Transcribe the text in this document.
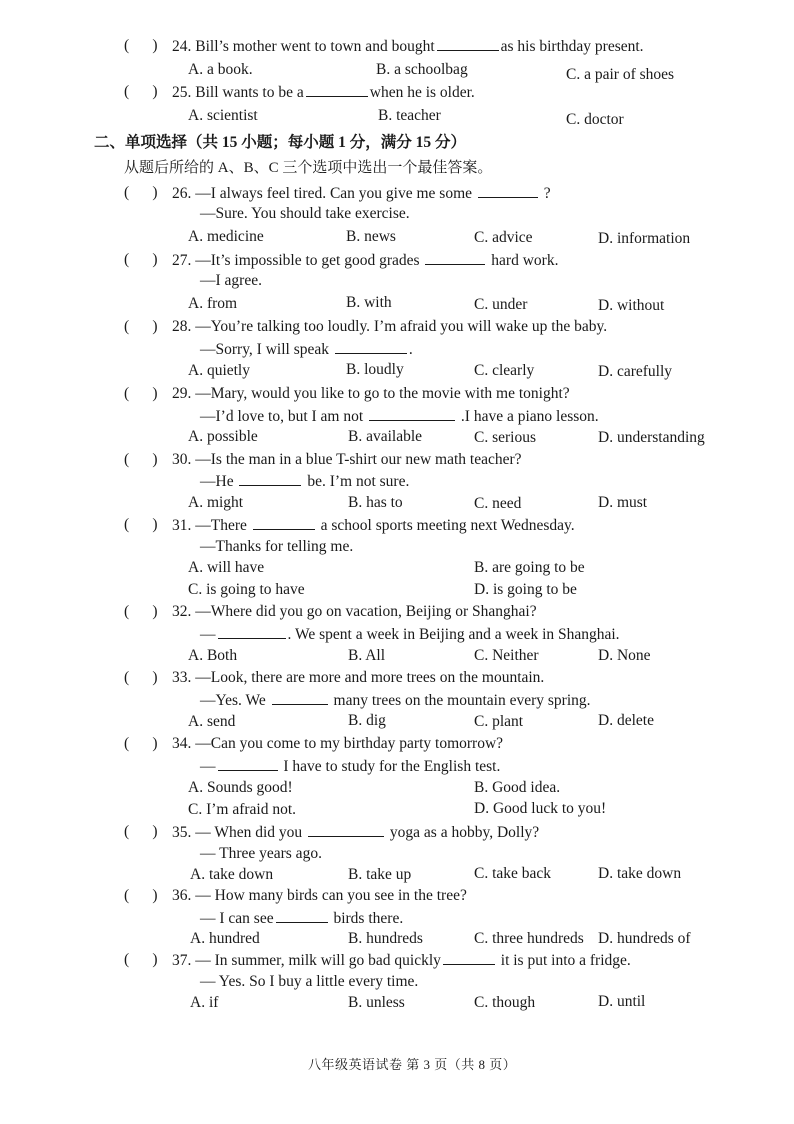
(      ) 24. Bill’s mother went to town and bought	as his birthday present.
A. a book.	B. a schoolbag	C. a pair of shoes
(      ) 25. Bill wants to be a	when he is older.
A. scientist	B. teacher	C. doctor
二、单项选择（共 15 小题；每小题 1 分，满分 15 分）
从题后所给的 A、B、C 三个选项中选出一个最佳答案。
(      ) 26. —I always feel tired. Can you give me some	?
—Sure. You should take exercise.
A. medicine	B. news	C. advice	D. information
(      ) 27. —It’s impossible to get good grades	hard work.
—I agree.
A. from	B. with	C. under	D. without
(      ) 28. —You’re talking too loudly. I’m afraid you will wake up the baby.
—Sorry, I will speak	.
A. quietly	B. loudly	C. clearly	D. carefully
(      ) 29. —Mary, would you like to go to the movie with me tonight?
—I’d love to, but I am not	.I have a piano lesson.
A. possible	B. available	C. serious	D. understanding
(      ) 30. —Is the man in a blue T-shirt our new math teacher?
—He	be. I’m not sure.
A. might	B. has to	C. need	D. must
(      ) 31. —There	a school sports meeting next Wednesday.
—Thanks for telling me.
A. will have	B. are going to be
C. is going to have	D. is going to be
(      ) 32. —Where did you go on vacation, Beijing or Shanghai?
—	. We spent a week in Beijing and a week in Shanghai.
A. Both	B. All	C. Neither	D. None
(      ) 33. —Look, there are more and more trees on the mountain.
—Yes. We	many trees on the mountain every spring.
A. send	B. dig	C. plant	D. delete
(      ) 34. —Can you come to my birthday party tomorrow?
—	I have to study for the English test.
A. Sounds good!	B. Good idea.
C. I’m afraid not.	D. Good luck to you!
(      ) 35. — When did you	yoga as a hobby, Dolly?
— Three years ago.
A. take down	B. take up	C. take back	D. take down
(      ) 36. — How many birds can you see in the tree?
— I can see	birds there.
A. hundred	B. hundreds	C. three hundreds D. hundreds of
(      ) 37. — In summer, milk will go bad quickly	it is put into a fridge.
— Yes. So I buy a little every time.
A. if	B. unless	C. though	D. until
八年级英语试卷 第 3 页（共 8 页）
